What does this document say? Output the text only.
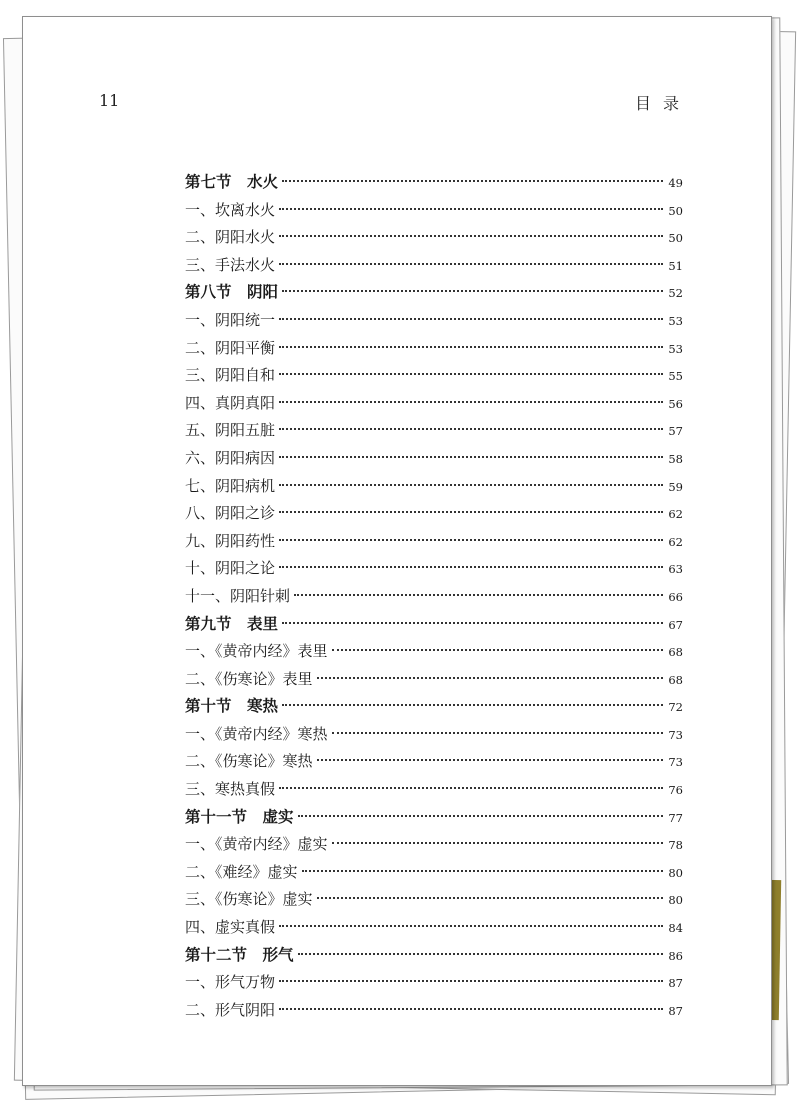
11	目录
第七节　水火	49
一、坎离水火	50
二、阴阳水火	50
三、手法水火	51
第八节　阴阳	52
一、阴阳统一	53
二、阴阳平衡	53
三、阴阳自和	55
四、真阴真阳	56
五、阴阳五脏	57
六、阴阳病因	58
七、阴阳病机	59
八、阴阳之诊	62
九、阴阳药性	62
十、阴阳之论	63
十一、阴阳针刺	66
第九节　表里	67
一、《黄帝内经》表里	68
二、《伤寒论》表里	68
第十节　寒热	72
一、《黄帝内经》寒热	73
二、《伤寒论》寒热	73
三、寒热真假	76
第十一节　虚实	77
一、《黄帝内经》虚实	78
二、《难经》虚实	80
三、《伤寒论》虚实	80
四、虚实真假	84
第十二节　形气	86
一、形气万物	87
二、形气阴阳	87
